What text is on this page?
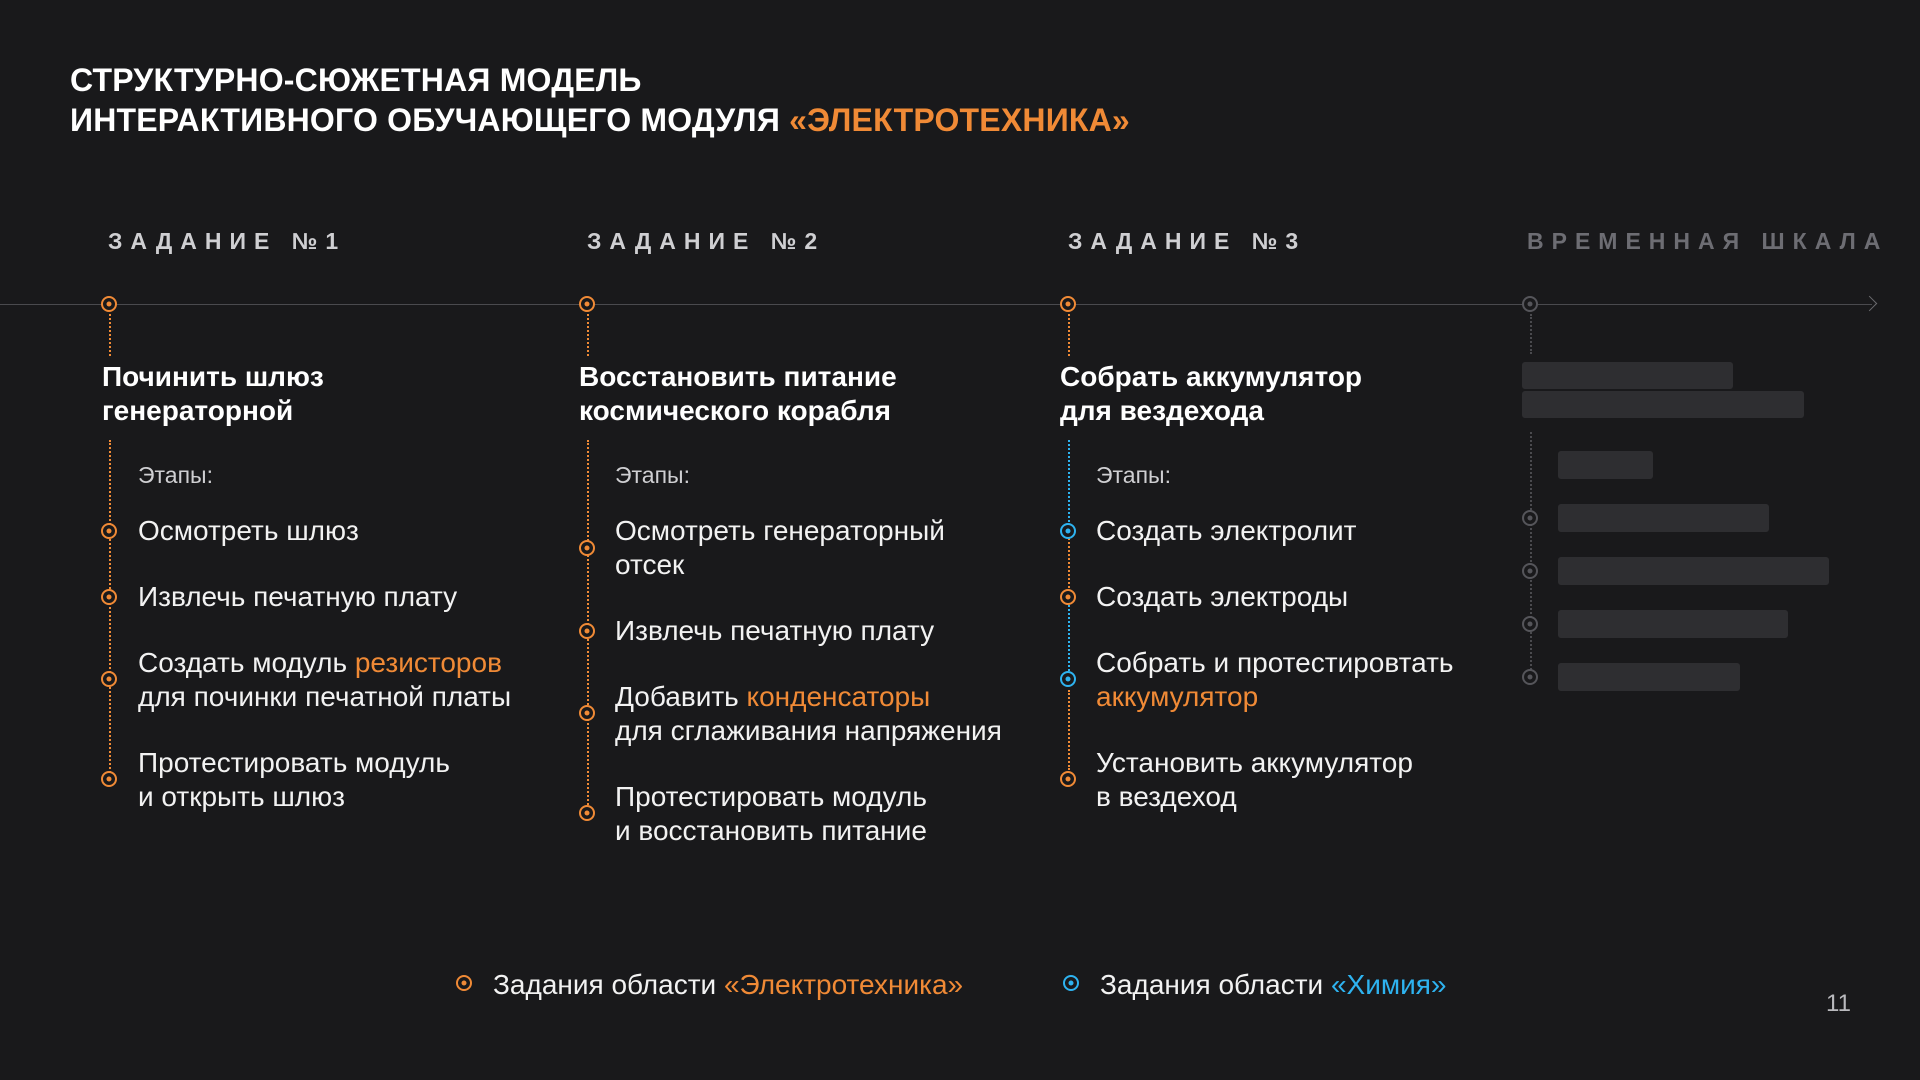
СТРУКТУРНО-СЮЖЕТНАЯ МОДЕЛЬ
ИНТЕРАКТИВНОГО ОБУЧАЮЩЕГО МОДУЛЯ «ЭЛЕКТРОТЕХНИКА»
ЗАДАНИЕ №1	ЗАДАНИЕ №2	ЗАДАНИЕ №3	ВРЕМЕННАЯ ШКАЛА
Починить шлюз
генераторной
Этапы:
Осмотреть шлюз
Извлечь печатную плату
Создать модуль резисторов
для починки печатной платы
Протестировать модуль
и открыть шлюз
Восстановить питание
космического корабля
Этапы:
Осмотреть генераторный
отсек
Извлечь печатную плату
Добавить конденсаторы
для сглаживания напряжения
Протестировать модуль
и восстановить питание
Собрать аккумулятор
для вездехода
Этапы:
Создать электролит
Создать электроды
Собрать и протестировтать
аккумулятор
Установить аккумулятор
в вездеход
Задания области «Электротехника»	Задания области «Химия»
11
